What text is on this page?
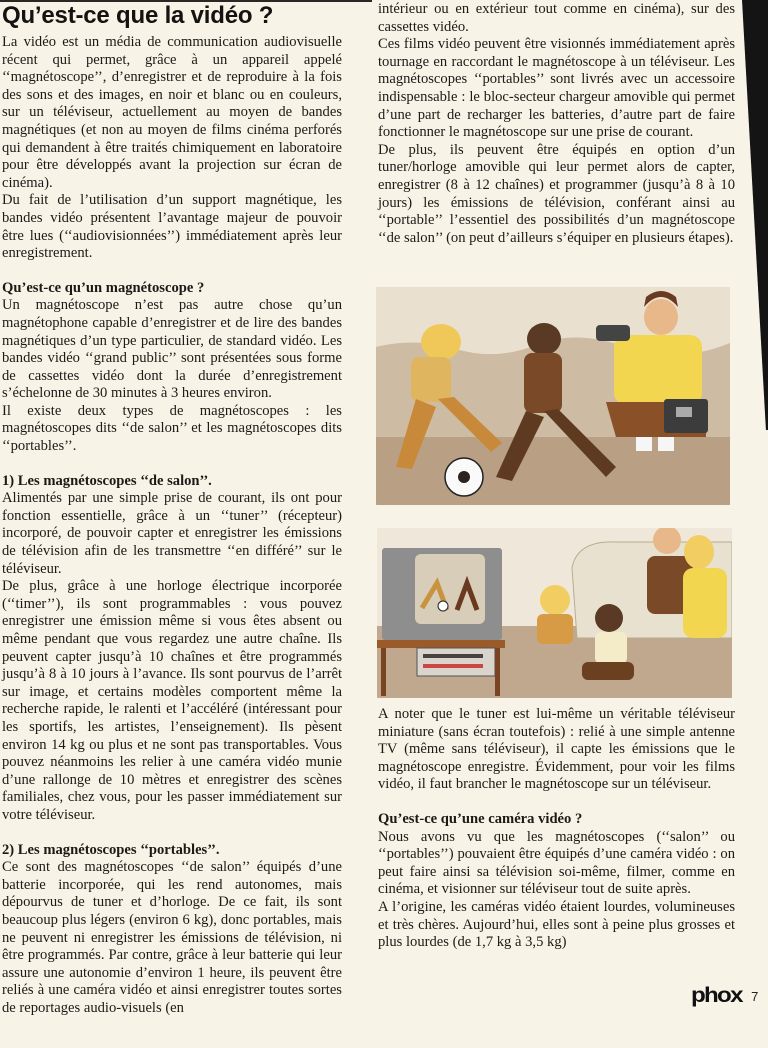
Qu’est-ce que la vidéo ?

La vidéo est un média de communication audiovisuelle récent qui permet, grâce à un appareil appelé ‘‘magnétoscope’’, d’enregistrer et de reproduire à la fois des sons et des images, en noir et blanc ou en couleurs, sur un téléviseur, actuellement au moyen de bandes magnétiques (et non au moyen de films cinéma perforés qui demandent à être traités chimiquement en laboratoire pour être développés avant la projection sur écran de cinéma).

Du fait de l’utilisation d’un support magnétique, les bandes vidéo présentent l’avantage majeur de pouvoir être lues (‘‘audiovisionnées’’) immédiatement après leur enregistrement.

Qu’est-ce qu’un magnétoscope ?

Un magnétoscope n’est pas autre chose qu’un magnétophone capable d’enregistrer et de lire des bandes magnétiques d’un type particulier, de standard vidéo. Les bandes vidéo ‘‘grand public’’ sont présentées sous forme de cassettes vidéo dont la durée d’enregistrement s’échelonne de 30 minutes à 3 heures environ.

Il existe deux types de magnétoscopes : les magnétoscopes dits ‘‘de salon’’ et les magnétoscopes dits ‘‘portables’’.

1) Les magnétoscopes ‘‘de salon’’.

Alimentés par une simple prise de courant, ils ont pour fonction essentielle, grâce à un ‘‘tuner’’ (récepteur) incorporé, de pouvoir capter et enregistrer les émissions de télévision afin de les transmettre ‘‘en différé’’ sur le téléviseur.

De plus, grâce à une horloge électrique incorporée (‘‘timer’’), ils sont programmables : vous pouvez enregistrer une émission même si vous êtes absent ou même pendant que vous regardez une autre chaîne. Ils peuvent capter jusqu’à 10 chaînes et être programmés jusqu’à 8 à 10 jours à l’avance. Ils sont pourvus de l’arrêt sur image, et certains modèles comportent même la recherche rapide, le ralenti et l’accéléré (intéressant pour les sportifs, les artistes, l’enseignement). Ils pèsent environ 14 kg ou plus et ne sont pas transportables. Vous pouvez néanmoins les relier à une caméra vidéo munie d’une rallonge de 10 mètres et enregistrer des scènes familiales, chez vous, pour les passer immédiatement sur votre téléviseur.

2) Les magnétoscopes ‘‘portables’’.

Ce sont des magnétoscopes ‘‘de salon’’ équipés d’une batterie incorporée, qui les rend autonomes, mais dépourvus de tuner et d’horloge. De ce fait, ils sont beaucoup plus légers (environ 6 kg), donc portables, mais ne peuvent ni enregistrer les émissions de télévision, ni être programmés. Par contre, grâce à leur batterie qui leur assure une autonomie d’environ 1 heure, ils peuvent être reliés à une caméra vidéo et ainsi enregistrer toutes sortes de reportages audio-visuels (en

intérieur ou en extérieur tout comme en cinéma), sur des cassettes vidéo.

Ces films vidéo peuvent être visionnés immédiatement après tournage en raccordant le magnétoscope à un téléviseur. Les magnétoscopes ‘‘portables’’ sont livrés avec un accessoire indispensable : le bloc-secteur chargeur amovible qui permet d’une part de recharger les batteries, d’autre part de faire fonctionner le magnétoscope sur une prise de courant.

De plus, ils peuvent être équipés en option d’un tuner/horloge amovible qui leur permet alors de capter, enregistrer (8 à 12 chaînes) et programmer (jusqu’à 8 à 10 jours) les émissions de télévision, conférant ainsi au ‘‘portable’’ l’essentiel des possibilités d’un magnétoscope ‘‘de salon’’ (on peut d’ailleurs s’équiper en plusieurs étapes).

A noter que le tuner est lui-même un véritable téléviseur miniature (sans écran toutefois) : relié à une simple antenne TV (même sans téléviseur), il capte les émissions que le magnétoscope enregistre. Évidemment, pour voir les films vidéo, il faut brancher le magnétoscope sur un téléviseur.

Qu’est-ce qu’une caméra vidéo ?

Nous avons vu que les magnétoscopes (‘‘salon’’ ou ‘‘portables’’) pouvaient être équipés d’une caméra vidéo : on peut faire ainsi sa télévision soi-même, filmer, comme en cinéma, et visionner sur téléviseur tout de suite après.

A l’origine, les caméras vidéo étaient lourdes, volumineuses et très chères. Aujourd’hui, elles sont à peine plus grosses et plus lourdes (de 1,7 kg à 3,5 kg)

phox 7
